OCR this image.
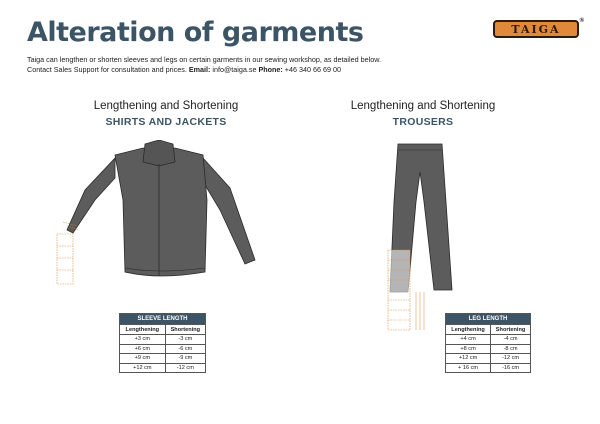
Alteration of garments
Taiga can lengthen or shorten sleeves and legs on certain garments in our sewing workshop, as detailed below.
Contact Sales Support for consultation and prices. Email: info@taiga.se Phone: +46 340 66 69 00
TAIGA
®
Lengthening and Shortening
SHIRTS AND JACKETS
Lengthening and Shortening
TROUSERS
SLEEVE LENGTH	
Lengthening	Shortening
+3 cm	-3 cm
+6 cm	-6 cm
+9 cm	-9 cm
+12 cm	-12 cm
LEG LENGTH	
Lengthening	Shortening
+4 cm	-4 cm
+8 cm	-8 cm
+12 cm	-12 cm
+ 16 cm	-16 cm
